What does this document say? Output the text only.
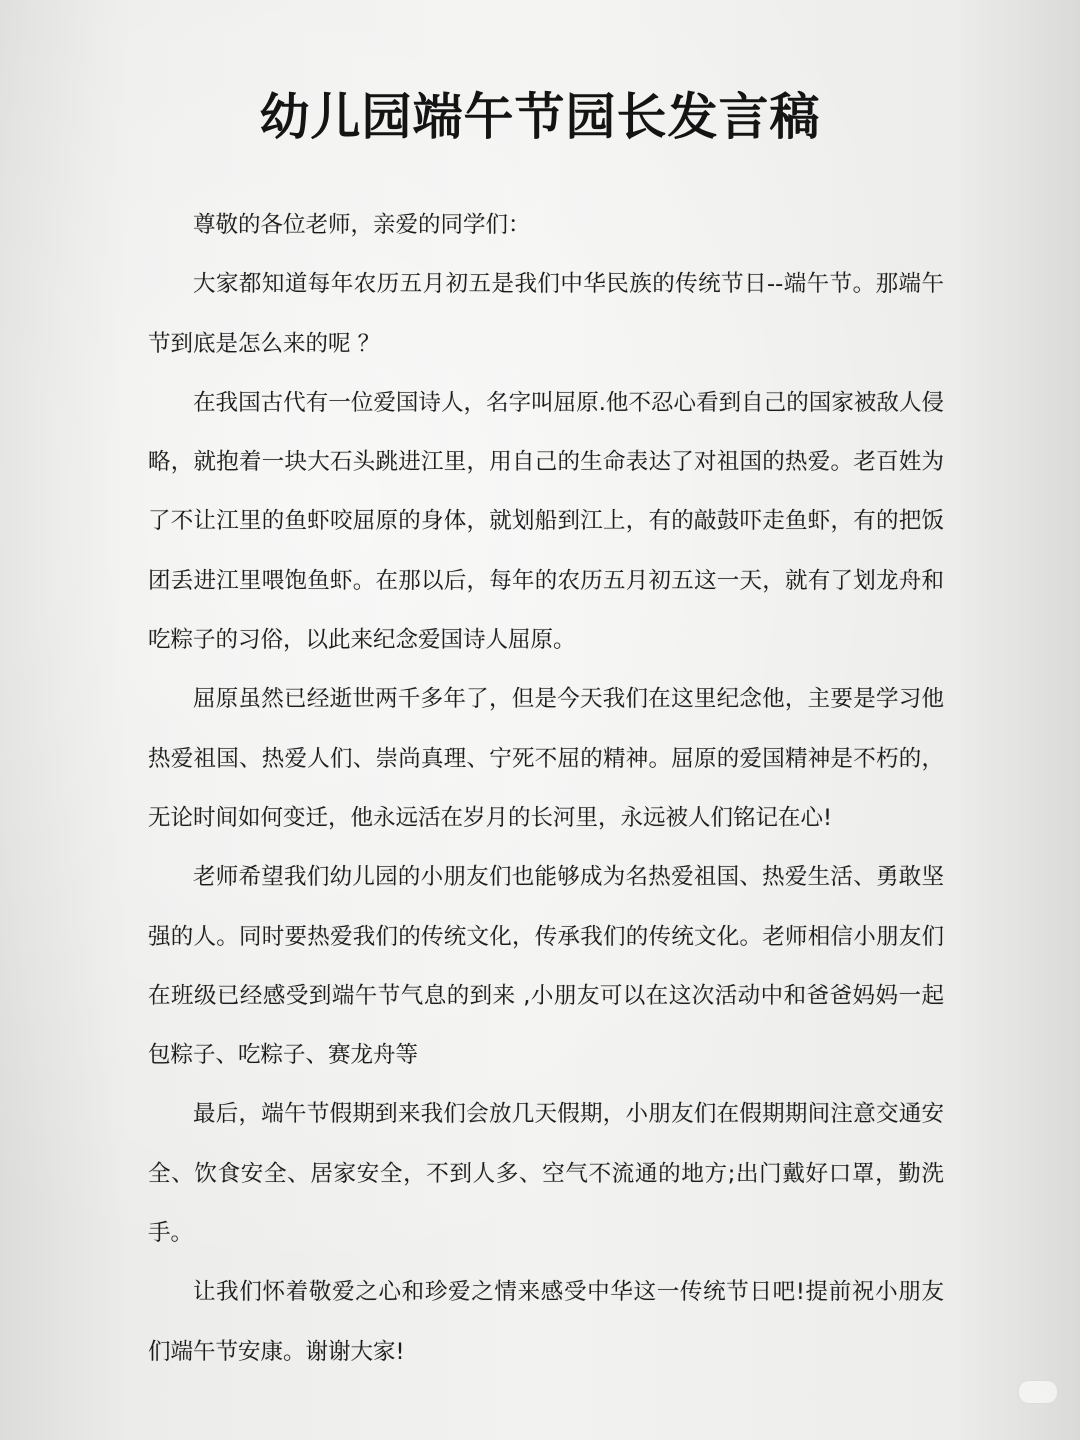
幼儿园端午节园长发言稿

尊敬的各位老师，亲爱的同学们：

大家都知道每年农历五月初五是我们中华民族的传统节日--端午节。那端午节到底是怎么来的呢 ？

在我国古代有一位爱国诗人，名字叫屈原.他不忍心看到自己的国家被敌人侵略，就抱着一块大石头跳进江里，用自己的生命表达了对祖国的热爱。老百姓为了不让江里的鱼虾咬屈原的身体，就划船到江上，有的敲鼓吓走鱼虾，有的把饭团丢进江里喂饱鱼虾。在那以后，每年的农历五月初五这一天，就有了划龙舟和吃粽子的习俗，以此来纪念爱国诗人屈原。

屈原虽然已经逝世两千多年了，但是今天我们在这里纪念他，主要是学习他热爱祖国、热爱人们、崇尚真理、宁死不屈的精神。屈原的爱国精神是不朽的，无论时间如何变迁，他永远活在岁月的长河里，永远被人们铭记在心!

老师希望我们幼儿园的小朋友们也能够成为名热爱祖国、热爱生活、勇敢坚强的人。同时要热爱我们的传统文化，传承我们的传统文化。老师相信小朋友们在班级已经感受到端午节气息的到来 ,小朋友可以在这次活动中和爸爸妈妈一起包粽子、吃粽子、赛龙舟等

最后，端午节假期到来我们会放几天假期，小朋友们在假期期间注意交通安全、饮食安全、居家安全，不到人多、空气不流通的地方;出门戴好口罩，勤洗手。

让我们怀着敬爱之心和珍爱之情来感受中华这一传统节日吧!提前祝小朋友们端午节安康。谢谢大家!
